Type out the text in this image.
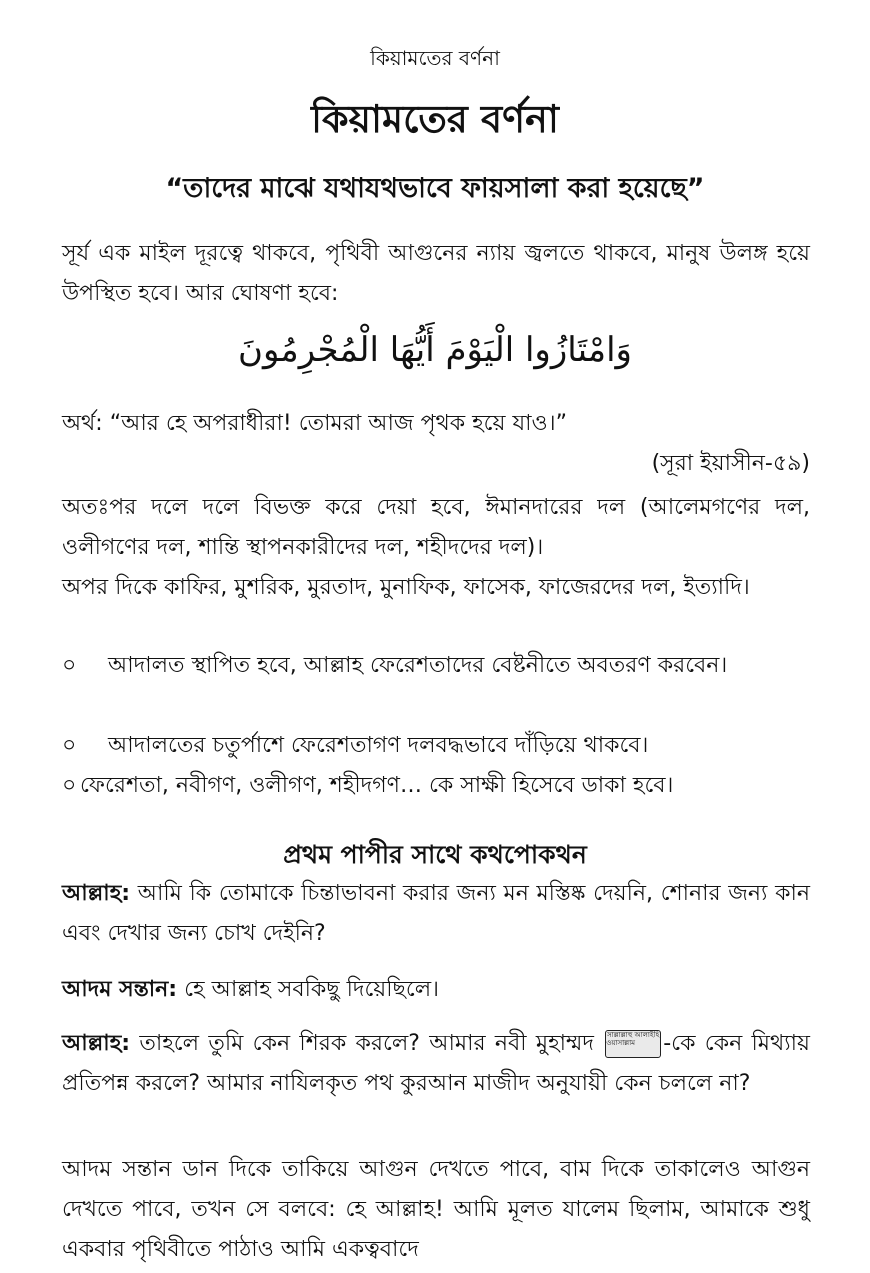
কিয়ামতের বর্ণনা
কিয়ামতের বর্ণনা
“তাদের মাঝে যথাযথভাবে ফায়সালা করা হয়েছে”
সূর্য এক মাইল দূরত্বে থাকবে, পৃথিবী আগুনের ন্যায় জ্বলতে থাকবে, মানুষ উলঙ্গ হয়ে উপস্থিত হবে। আর ঘোষণা হবে:
وَامْتَازُوا الْيَوْمَ أَيُّهَا الْمُجْرِمُونَ
অর্থ: “আর হে অপরাধীরা! তোমরা আজ পৃথক হয়ে যাও।”
(সূরা ইয়াসীন-৫৯)
অতঃপর দলে দলে বিভক্ত করে দেয়া হবে, ঈমানদারের দল (আলেমগণের দল, ওলীগণের দল, শান্তি স্থাপনকারীদের দল, শহীদদের দল)।
অপর দিকে কাফির, মুশরিক, মুরতাদ, মুনাফিক, ফাসেক, ফাজেরদের দল, ইত্যাদি।
০	আদালত স্থাপিত হবে, আল্লাহ ফেরেশতাদের বেষ্টনীতে অবতরণ করবেন।
০	আদালতের চতুর্পাশে ফেরেশতাগণ দলবদ্ধভাবে দাঁড়িয়ে থাকবে।
০ ফেরেশতা, নবীগণ, ওলীগণ, শহীদগণ… কে সাক্ষী হিসেবে ডাকা হবে।
প্রথম পাপীর সাথে কথপোকথন
আল্লাহ: আমি কি তোমাকে চিন্তাভাবনা করার জন্য মন মস্তিষ্ক দেয়নি, শোনার জন্য কান এবং দেখার জন্য চোখ দেইনি?
আদম সন্তান: হে আল্লাহ সবকিছু দিয়েছিলে।
আল্লাহ: তাহলে তুমি কেন শিরক করলে? আমার নবী মুহাম্মদ সাল্লাল্লাহু আলাইহি ওয়াসাল্লাম -কে কেন মিথ্যায় প্রতিপন্ন করলে? আমার নাযিলকৃত পথ কুরআন মাজীদ অনুযায়ী কেন চললে না?
আদম সন্তান ডান দিকে তাকিয়ে আগুন দেখতে পাবে, বাম দিকে তাকালেও আগুন দেখতে পাবে, তখন সে বলবে: হে আল্লাহ! আমি মূলত যালেম ছিলাম, আমাকে শুধু একবার পৃথিবীতে পাঠাও আমি একত্ববাদে
